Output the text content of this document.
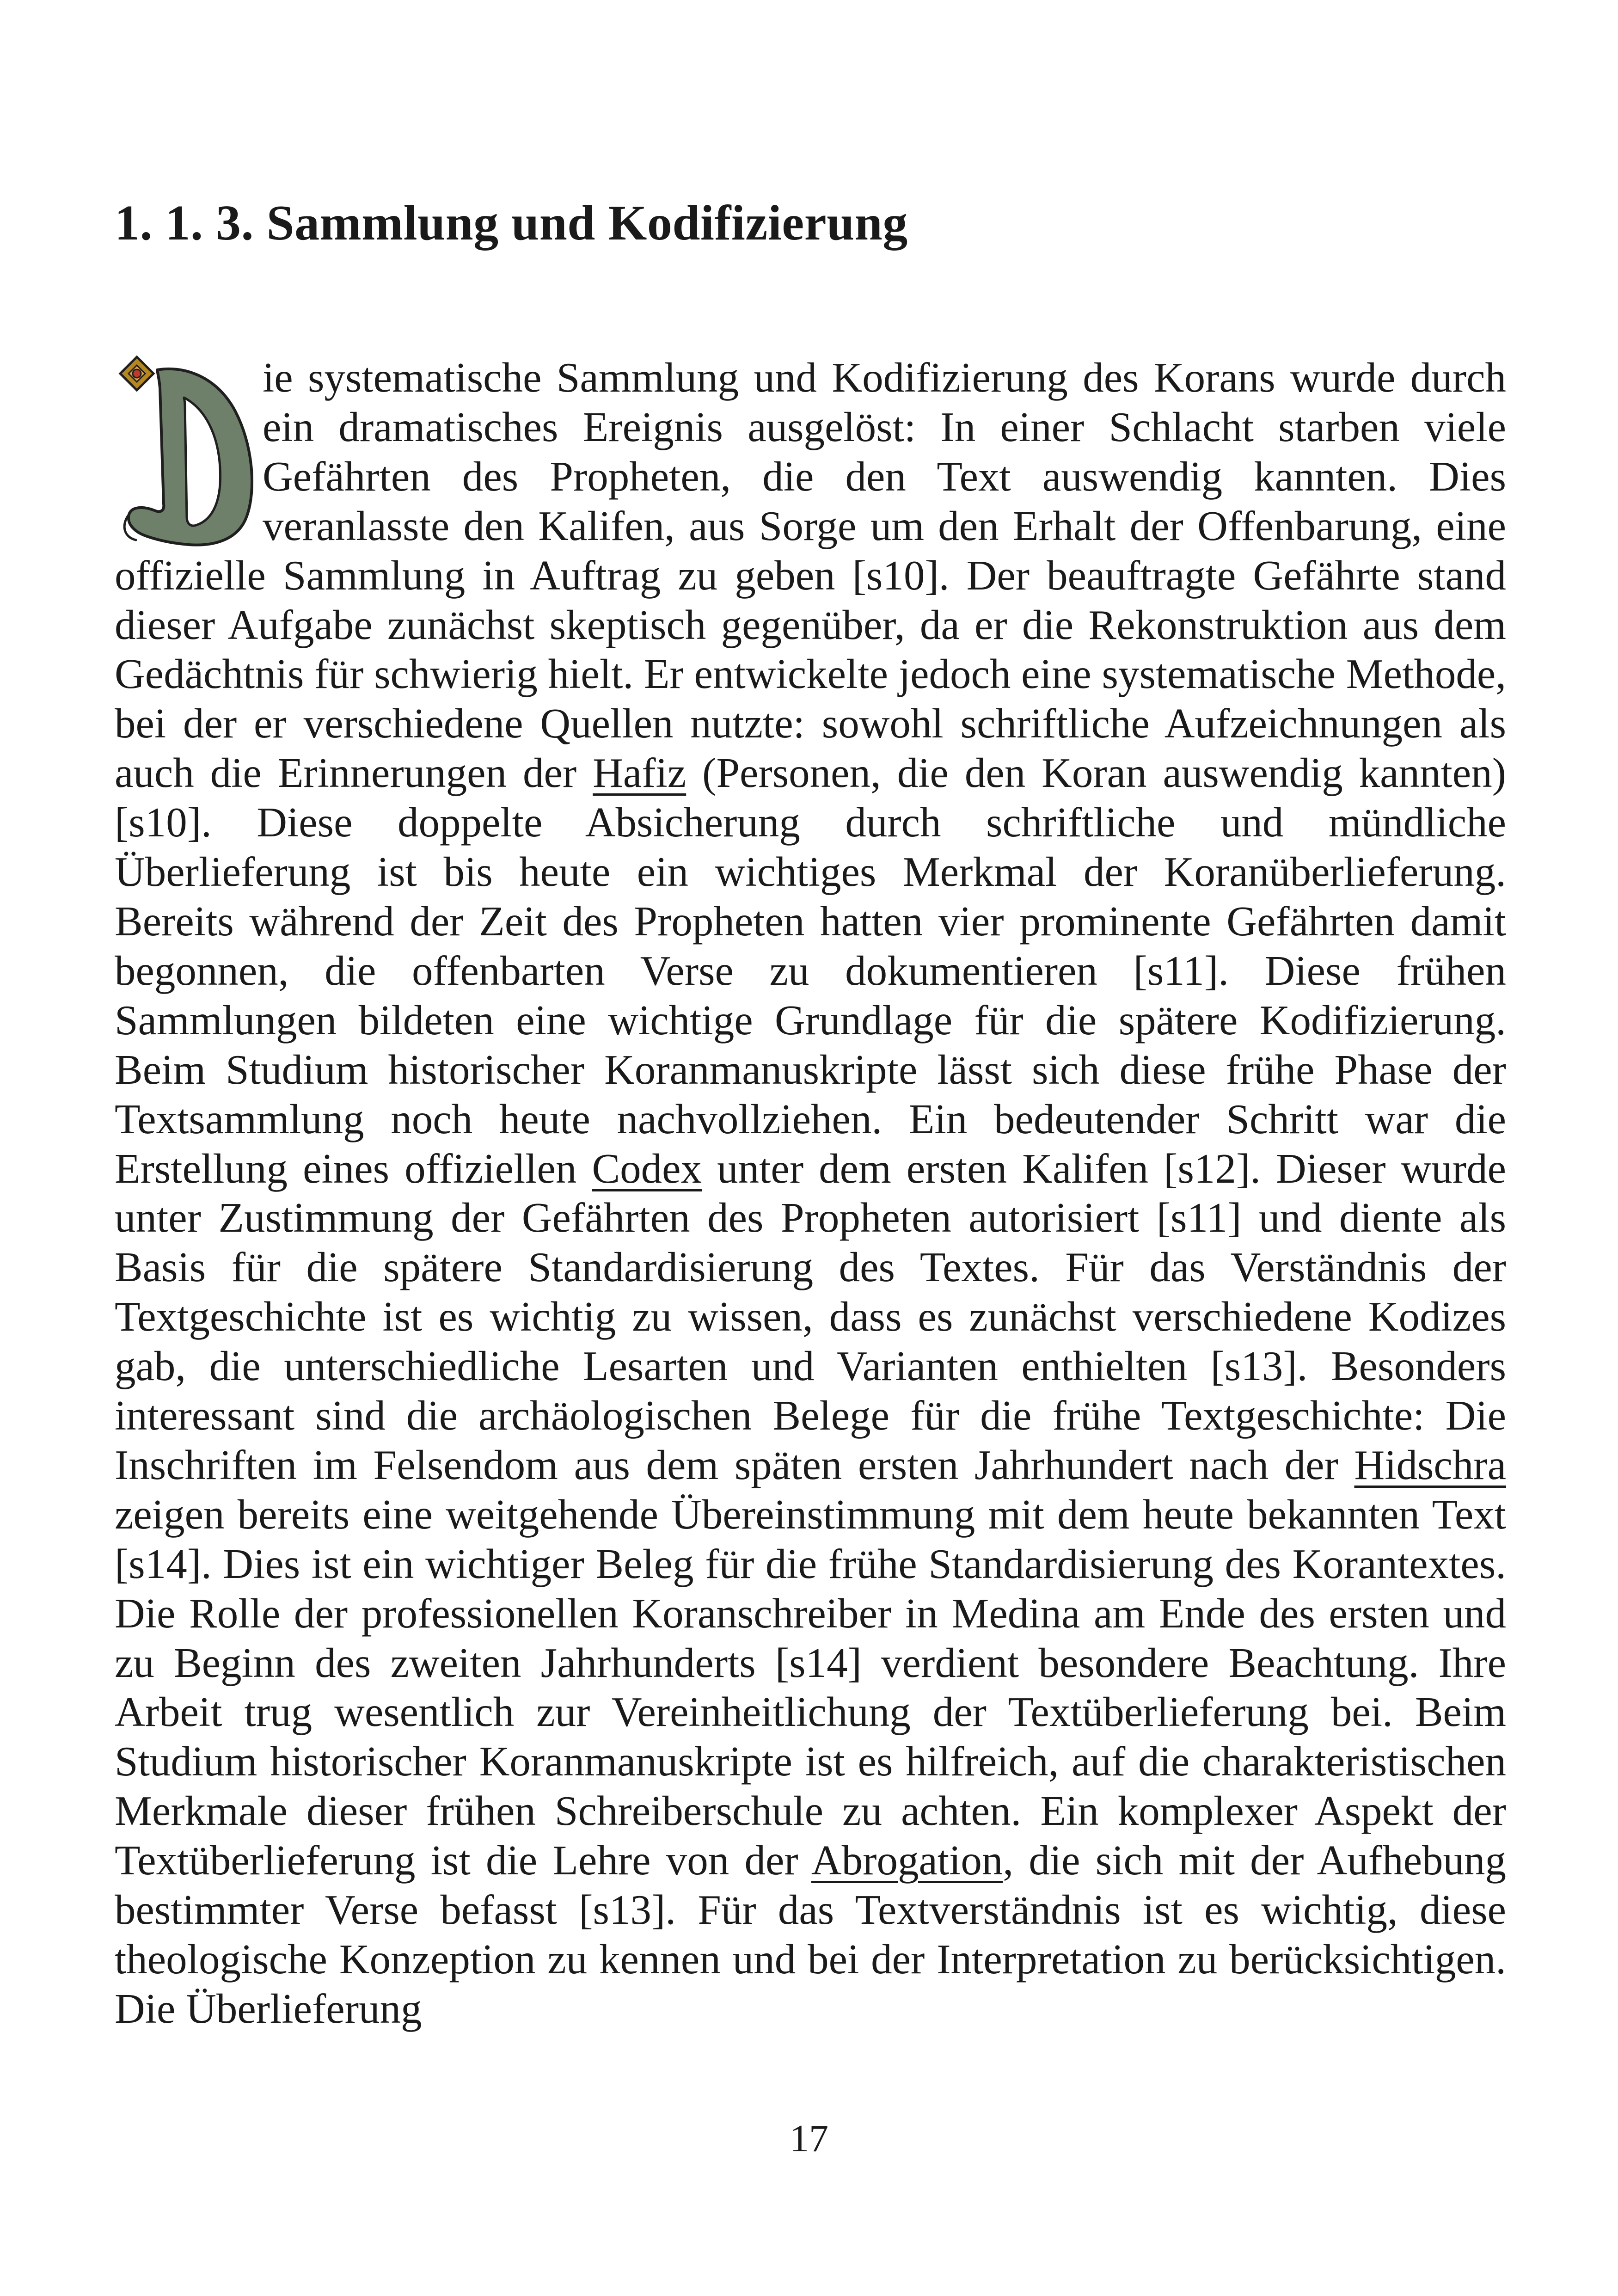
1. 1. 3. Sammlung und Kodifizierung

ie systematische Sammlung und Kodifizierung des Korans wurde durch ein dramatisches Ereignis ausgelöst: In einer Schlacht starben viele Gefährten des Propheten, die den Text auswendig kannten. Dies veranlasste den Kalifen, aus Sorge um den Erhalt der Offenbarung, eine offizielle Sammlung in Auftrag zu geben [s10]. Der beauftragte Gefährte stand dieser Aufgabe zunächst skeptisch gegenüber, da er die Rekonstruktion aus dem Gedächtnis für schwierig hielt. Er entwickelte jedoch eine systematische Methode, bei der er verschiedene Quellen nutzte: sowohl schriftliche Aufzeichnungen als auch die Erinnerungen der Hafiz (Personen, die den Koran auswendig kannten) [s10]. Diese doppelte Absicherung durch schriftliche und mündliche Überlieferung ist bis heute ein wichtiges Merkmal der Koranüberlieferung. Bereits während der Zeit des Propheten hatten vier prominente Gefährten damit begonnen, die offenbarten Verse zu dokumentieren [s11]. Diese frühen Sammlungen bildeten eine wichtige Grundlage für die spätere Kodifizierung. Beim Studium historischer Koranmanuskripte lässt sich diese frühe Phase der Textsammlung noch heute nachvollziehen. Ein bedeutender Schritt war die Erstellung eines offiziellen Codex unter dem ersten Kalifen [s12]. Dieser wurde unter Zustimmung der Gefährten des Propheten autorisiert [s11] und diente als Basis für die spätere Standardisierung des Textes. Für das Verständnis der Textgeschichte ist es wichtig zu wissen, dass es zunächst verschiedene Kodizes gab, die unterschiedliche Lesarten und Varianten enthielten [s13]. Besonders interessant sind die archäologischen Belege für die frühe Textgeschichte: Die Inschriften im Felsendom aus dem späten ersten Jahrhundert nach der Hidschra zeigen bereits eine weitgehende Übereinstimmung mit dem heute bekannten Text [s14]. Dies ist ein wichtiger Beleg für die frühe Standardisierung des Korantextes. Die Rolle der professionellen Koranschreiber in Medina am Ende des ersten und zu Beginn des zweiten Jahrhunderts [s14] verdient besondere Beachtung. Ihre Arbeit trug wesentlich zur Vereinheitlichung der Textüberlieferung bei. Beim Studium historischer Koranmanuskripte ist es hilfreich, auf die charakteristischen Merkmale dieser frühen Schreiberschule zu achten. Ein komplexer Aspekt der Textüberlieferung ist die Lehre von der Abrogation, die sich mit der Aufhebung bestimmter Verse befasst [s13]. Für das Textverständnis ist es wichtig, diese theologische Konzeption zu kennen und bei der Interpretation zu berücksichtigen. Die Überlieferung

17
